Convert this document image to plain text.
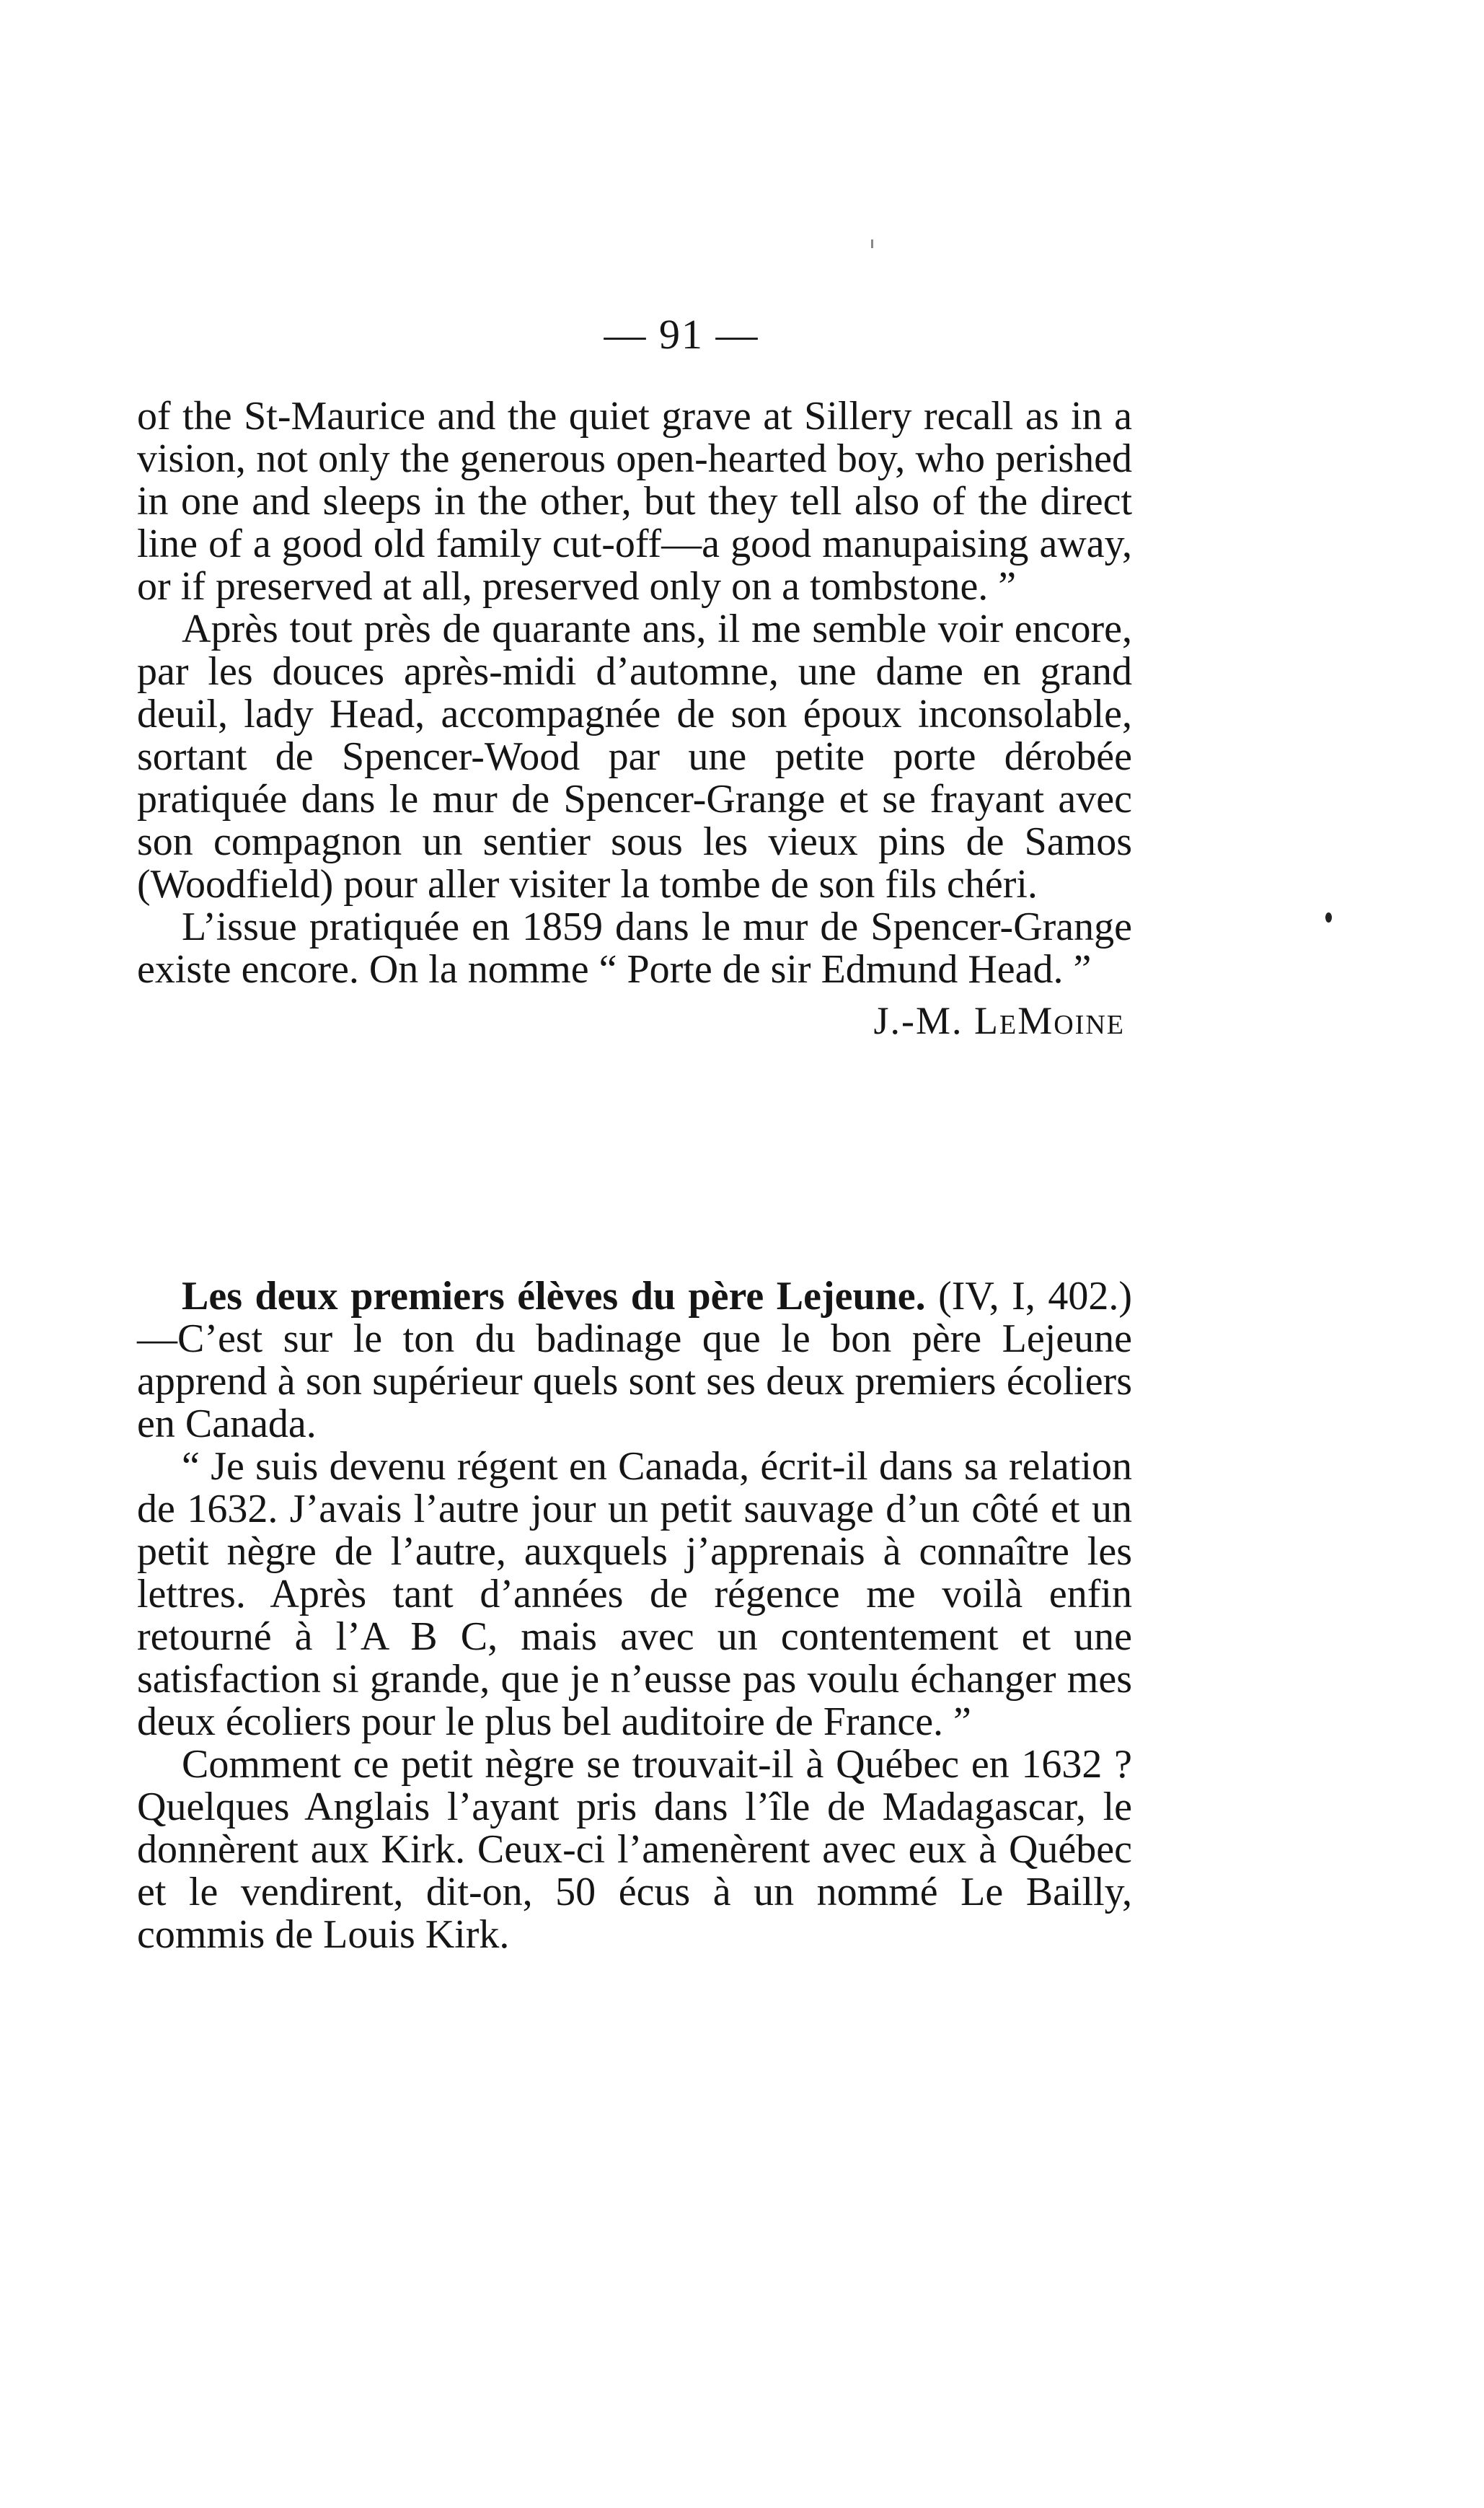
— 91 —

of the St-Maurice and the quiet grave at Sillery recall as in a vision, not only the generous open-hearted boy, who perished in one and sleeps in the other, but they tell also of the direct line of a good old family cut-off—a good manupaising away, or if preserved at all, preserved only on a tombstone. ”

Après tout près de quarante ans, il me semble voir encore, par les douces après-midi d’automne, une dame en grand deuil, lady Head, accompagnée de son époux inconsolable, sortant de Spencer-Wood par une petite porte dérobée pratiquée dans le mur de Spencer-Grange et se frayant avec son compagnon un sentier sous les vieux pins de Samos (Woodfield) pour aller visiter la tombe de son fils chéri.

L’issue pratiquée en 1859 dans le mur de Spencer-Grange existe encore. On la nomme “ Porte de sir Edmund Head. ”

J.-M. LeMoine

Les deux premiers élèves du père Lejeune. (IV, I, 402.)—C’est sur le ton du badinage que le bon père Lejeune apprend à son supérieur quels sont ses deux premiers écoliers en Canada.

“ Je suis devenu régent en Canada, écrit-il dans sa relation de 1632. J’avais l’autre jour un petit sauvage d’un côté et un petit nègre de l’autre, auxquels j’apprenais à connaître les lettres. Après tant d’années de régence me voilà enfin retourné à l’A B C, mais avec un contentement et une satisfaction si grande, que je n’eusse pas voulu échanger mes deux écoliers pour le plus bel auditoire de France. ”

Comment ce petit nègre se trouvait-il à Québec en 1632 ? Quelques Anglais l’ayant pris dans l’île de Madagascar, le donnèrent aux Kirk. Ceux-ci l’amenèrent avec eux à Québec et le vendirent, dit-on, 50 écus à un nommé Le Bailly, commis de Louis Kirk.
